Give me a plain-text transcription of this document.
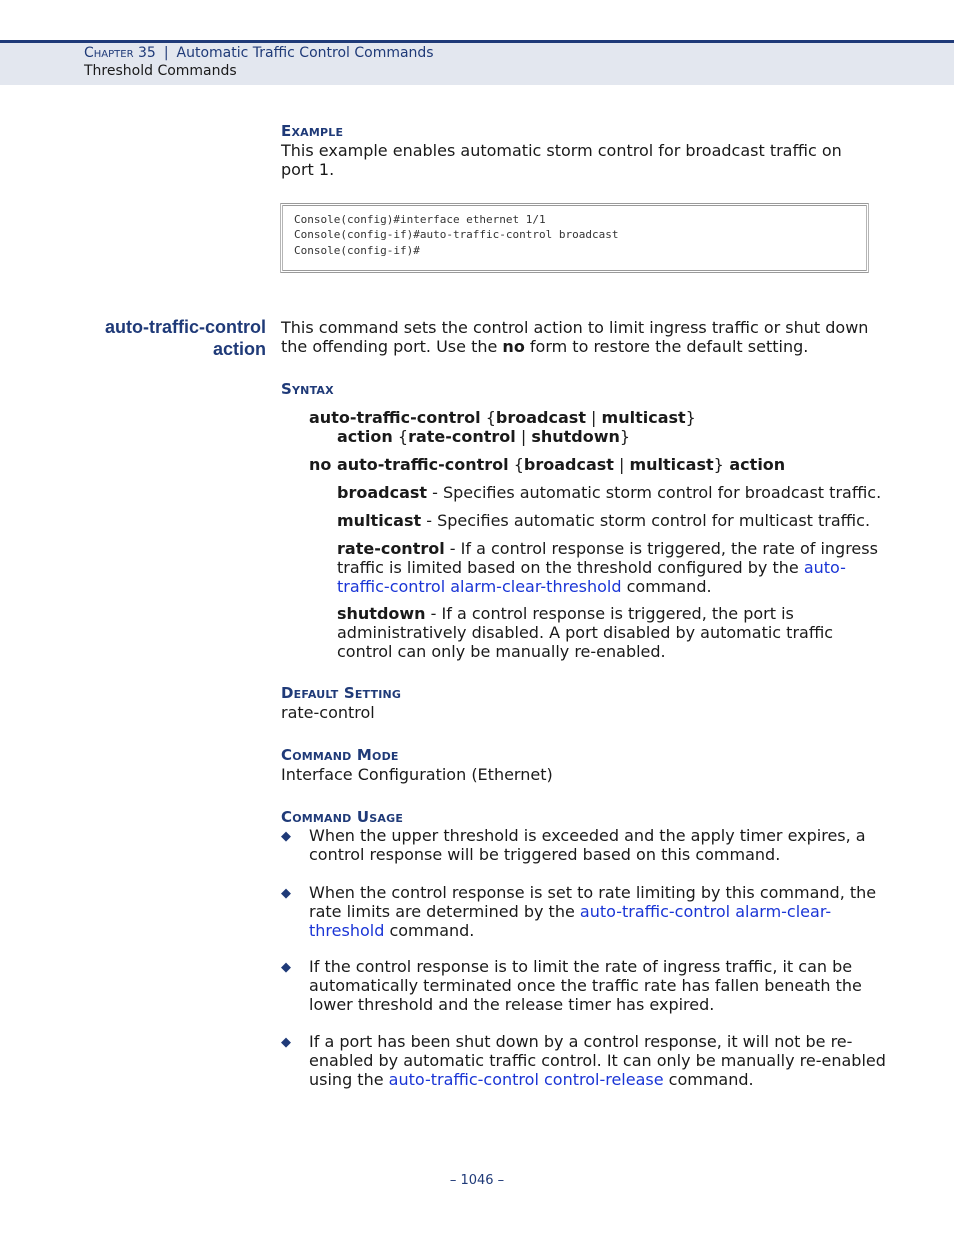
Chapter 35 | Automatic Traffic Control Commands
Threshold Commands
Example
This example enables automatic storm control for broadcast traffic on port 1.
Console(config)#interface ethernet 1/1
Console(config-if)#auto-traffic-control broadcast
Console(config-if)#
auto-traffic-control
action
This command sets the control action to limit ingress traffic or shut down the offending port. Use the no form to restore the default setting.
Syntax
auto-traffic-control {broadcast | multicast}
action {rate-control | shutdown}
no auto-traffic-control {broadcast | multicast} action
broadcast - Specifies automatic storm control for broadcast traffic.
multicast - Specifies automatic storm control for multicast traffic.
rate-control - If a control response is triggered, the rate of ingress
traffic is limited based on the threshold configured by the auto-
traffic-control alarm-clear-threshold command.
shutdown - If a control response is triggered, the port is
administratively disabled. A port disabled by automatic traffic
control can only be manually re-enabled.
Default Setting
rate-control
Command Mode
Interface Configuration (Ethernet)
Command Usage
◆ When the upper threshold is exceeded and the apply timer expires, a
control response will be triggered based on this command.
◆ When the control response is set to rate limiting by this command, the
rate limits are determined by the auto-traffic-control alarm-clear-
threshold command.
◆ If the control response is to limit the rate of ingress traffic, it can be
automatically terminated once the traffic rate has fallen beneath the
lower threshold and the release timer has expired.
◆ If a port has been shut down by a control response, it will not be re-
enabled by automatic traffic control. It can only be manually re-enabled
using the auto-traffic-control control-release command.
– 1046 –
